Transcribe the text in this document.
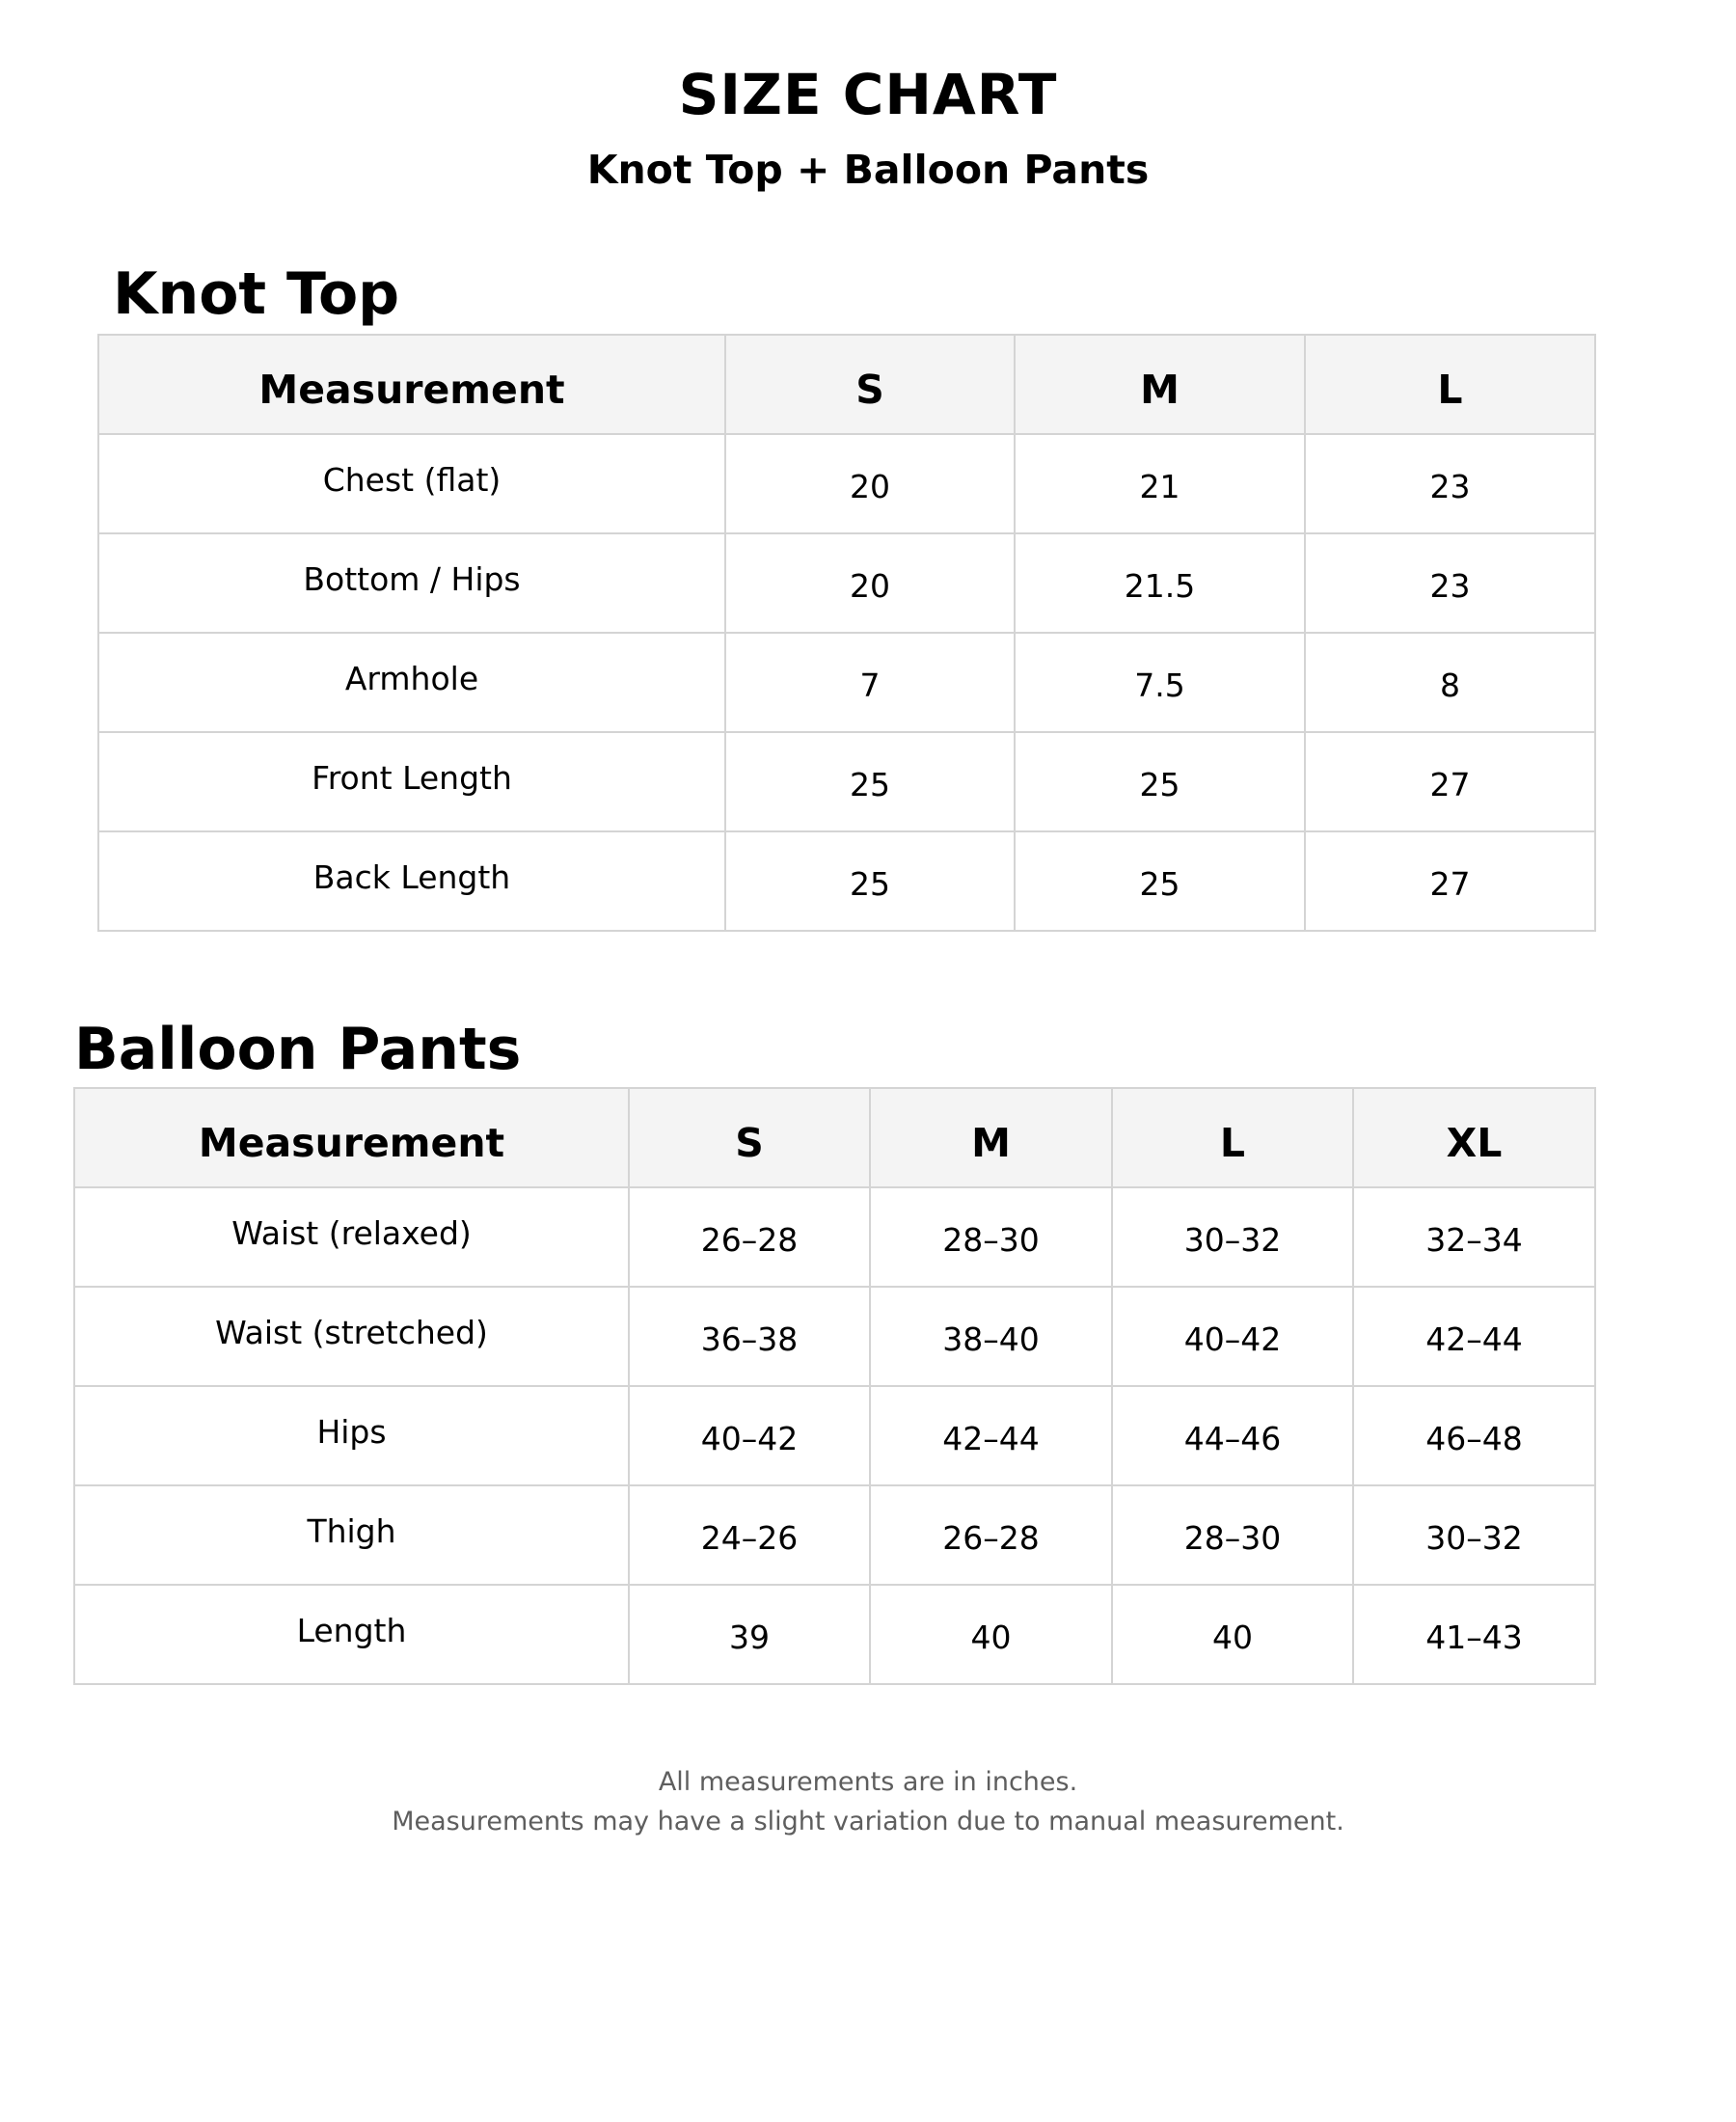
SIZE CHART
Knot Top + Balloon Pants
Knot Top
Measurement	S	M	L
Chest (flat)	20	21	23
Bottom / Hips	20	21.5	23
Armhole	7	7.5	8
Front Length	25	25	27
Back Length	25	25	27
Balloon Pants
Measurement	S	M	L	XL
Waist (relaxed)	26–28	28–30	30–32	32–34
Waist (stretched)	36–38	38–40	40–42	42–44
Hips	40–42	42–44	44–46	46–48
Thigh	24–26	26–28	28–30	30–32
Length	39	40	40	41–43
All measurements are in inches.
Measurements may have a slight variation due to manual measurement.
